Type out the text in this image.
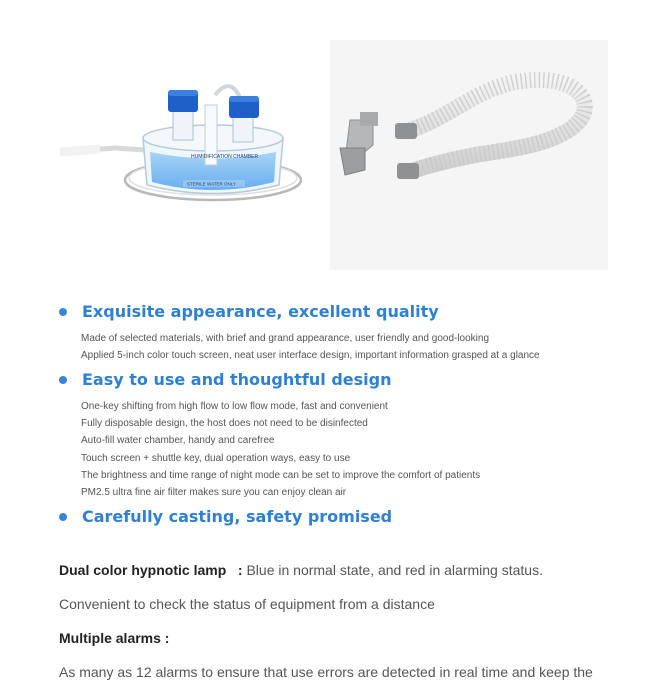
HUMIDIFICATION CHAMBER
STERILE WATER ONLY
Exquisite appearance, excellent quality
Made of selected materials, with brief and grand appearance, user friendly and good-looking
Applied 5-inch color touch screen, neat user interface design, important information grasped at a glance
Easy to use and thoughtful design
One-key shifting from high flow to low flow mode, fast and convenient
Fully disposable design, the host does not need to be disinfected
Auto-fill water chamber, handy and carefree
Touch screen + shuttle key, dual operation ways, easy to use
The brightness and time range of night mode can be set to improve the comfort of patients
PM2.5 ultra fine air filter makes sure you can enjoy clean air
Carefully casting, safety promised
Dual color hypnotic lamp   : Blue in normal state, and red in alarming status.
Convenient to check the status of equipment from a distance
Multiple alarms :
As many as 12 alarms to ensure that use errors are detected in real time and keep the
